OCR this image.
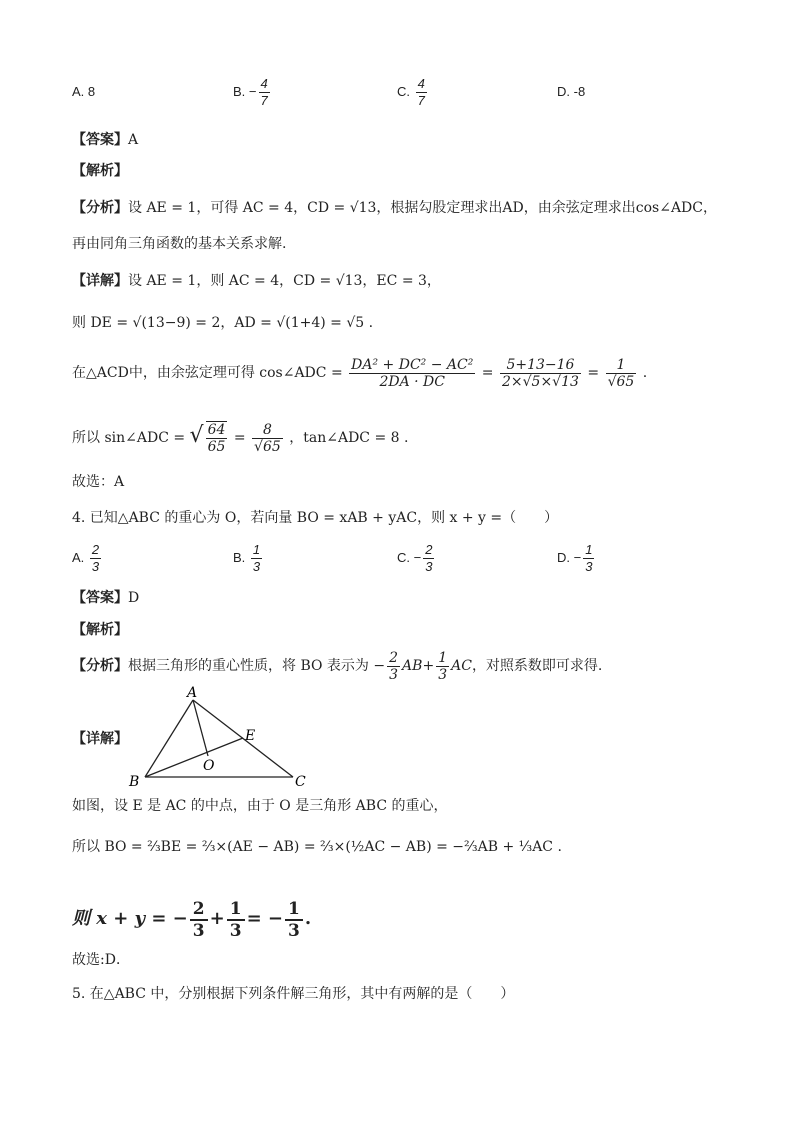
A. 8	B. − $\frac{4}{7}$	C. $\frac{4}{7}$	D. -8
【答案】A
【解析】
【分析】设 AE = 1，可得 AC = 4，CD = √13，根据勾股定理求出AD，由余弦定理求出cos∠ADC，
再由同角三角函数的基本关系求解.
【详解】设 AE = 1，则 AC = 4，CD = √13，EC = 3，
则 DE = √(13−9) = 2，AD = √(1+4) = √5 .
在△ACD中，由余弦定理可得 cos∠ADC = $\frac{\text{DA² + DC² − AC²}}{2DA \cdot DC} = \frac{5+13-16}{2\times√5\times√13} = \frac{1}{√65}$ .
所以 sin∠ADC = √ $\frac{64}{65} = \frac{8}{√65}$ ，tan∠ADC = 8 .
故选：A
4. 已知△ABC 的重心为 O，若向量 BO = xAB + yAC，则 x + y =（　　）
A. $\frac{2}{3}$	B. $\frac{1}{3}$	C. − $\frac{2}{3}$	D. − $\frac{1}{3}$
【答案】D
【解析】
【分析】根据三角形的重心性质，将 BO 表示为 − $\frac{2}{3} AB+ \frac{1}{3}$ AC，对照系数即可求得.
【详解】
A
B	C
E
O
如图，设 E 是 AC 的中点，由于 O 是三角形 ABC 的重心，
所以 BO = ⅔BE = ⅔×(AE − AB) = ⅔×(½AC − AB) = −⅔AB + ⅓AC .
则 x + y = − $\frac{2}{3} + \frac{1}{3}$ = − $\frac{1}{3}$ .
故选:D．
5. 在△ABC 中，分别根据下列条件解三角形，其中有两解的是（　　）
